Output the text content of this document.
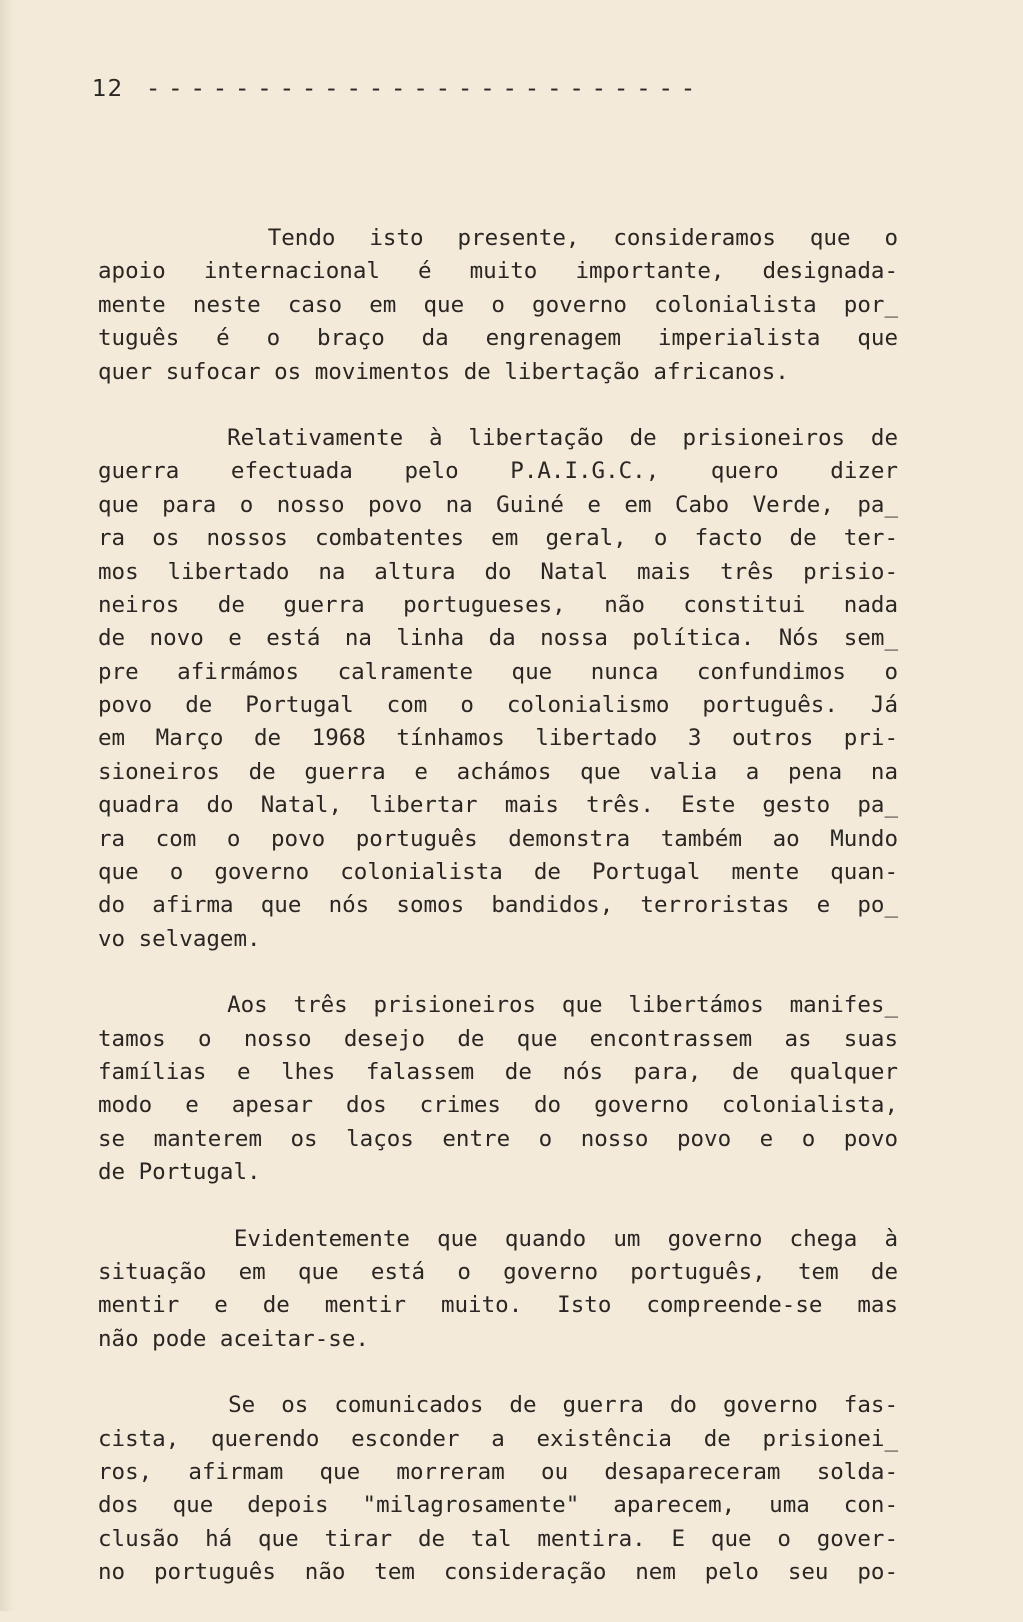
12 - - - - - - - - - - - - - - - - - - - - - - - - -
Tendo isto presente, consideramos que o
apoio internacional é muito importante, designada-
mente neste caso em que o governo colonialista por_
tuguês é o braço da engrenagem imperialista que
quer sufocar os movimentos de libertação africanos.
Relativamente à libertação de prisioneiros de
guerra efectuada pelo P.A.I.G.C., quero dizer
que para o nosso povo na Guiné e em Cabo Verde, pa_
ra os nossos combatentes em geral, o facto de ter-
mos libertado na altura do Natal mais três prisio-
neiros de guerra portugueses, não constitui nada
de novo e está na linha da nossa política. Nós sem_
pre afirmámos calramente que nunca confundimos o
povo de Portugal com o colonialismo português. Já
em Março de 1968 tínhamos libertado 3 outros pri-
sioneiros de guerra e achámos que valia a pena na
quadra do Natal, libertar mais três. Este gesto pa_
ra com o povo português demonstra também ao Mundo
que o governo colonialista de Portugal mente quan-
do afirma que nós somos bandidos, terroristas e po_
vo selvagem.
Aos três prisioneiros que libertámos manifes_
tamos o nosso desejo de que encontrassem as suas
famílias e lhes falassem de nós para, de qualquer
modo e apesar dos crimes do governo colonialista,
se manterem os laços entre o nosso povo e o povo
de Portugal.
Evidentemente que quando um governo chega à
situação em que está o governo português, tem de
mentir e de mentir muito. Isto compreende-se mas
não pode aceitar-se.
Se os comunicados de guerra do governo fas-
cista, querendo esconder a existência de prisionei_
ros, afirmam que morreram ou desapareceram solda-
dos que depois "milagrosamente" aparecem, uma con-
clusão há que tirar de tal mentira. E que o gover-
no português não tem consideração nem pelo seu po-
